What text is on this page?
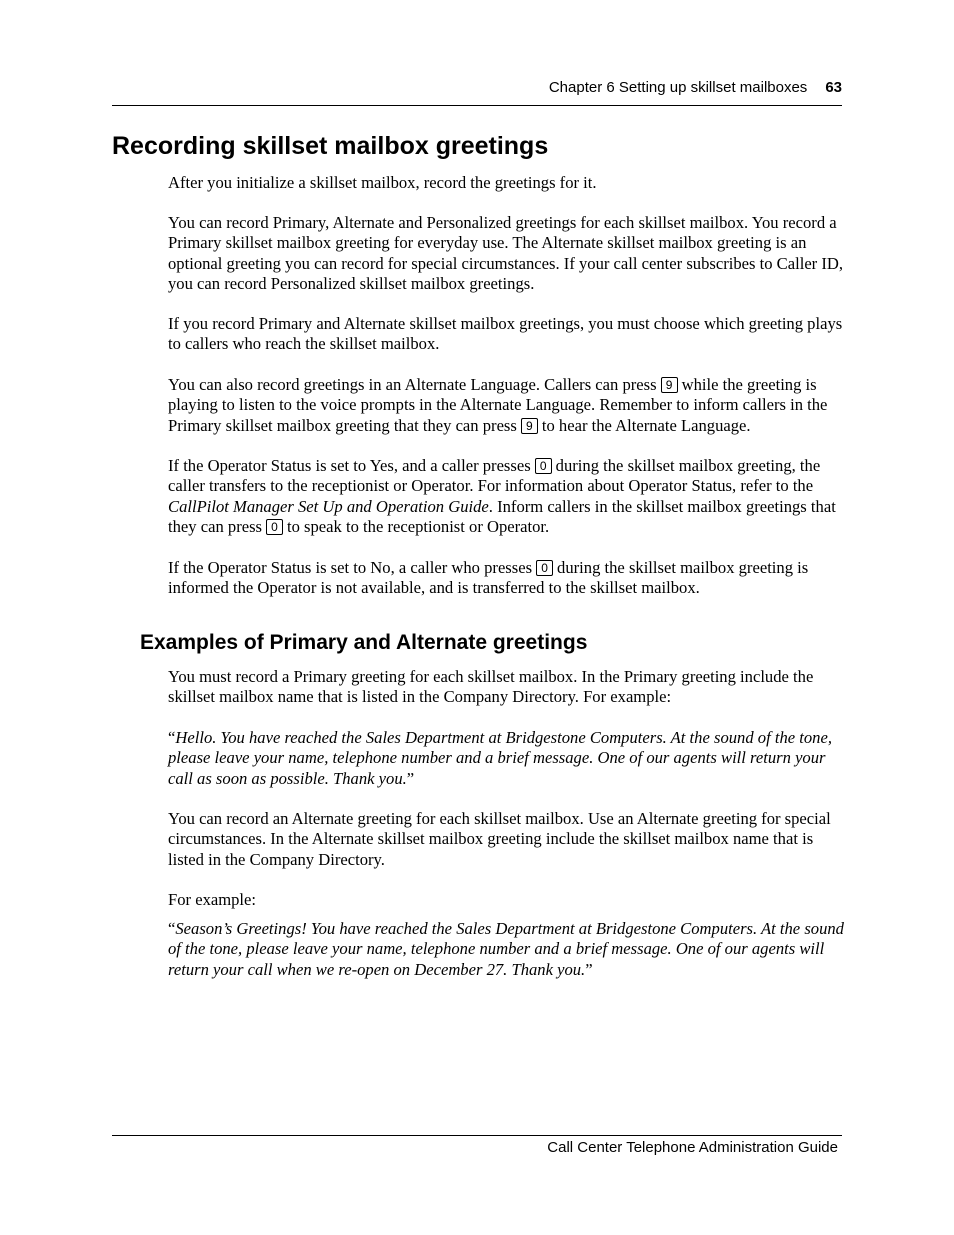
Chapter 6 Setting up skillset mailboxes 63
Recording skillset mailbox greetings

After you initialize a skillset mailbox, record the greetings for it.

You can record Primary, Alternate and Personalized greetings for each skillset mailbox. You record a Primary skillset mailbox greeting for everyday use. The Alternate skillset mailbox greeting is an optional greeting you can record for special circumstances. If your call center subscribes to Caller ID, you can record Personalized skillset mailbox greetings.

If you record Primary and Alternate skillset mailbox greetings, you must choose which greeting plays to callers who reach the skillset mailbox.

You can also record greetings in an Alternate Language. Callers can press 9 while the greeting is playing to listen to the voice prompts in the Alternate Language. Remember to inform callers in the Primary skillset mailbox greeting that they can press 9 to hear the Alternate Language.

If the Operator Status is set to Yes, and a caller presses 0 during the skillset mailbox greeting, the caller transfers to the receptionist or Operator. For information about Operator Status, refer to the CallPilot Manager Set Up and Operation Guide. Inform callers in the skillset mailbox greetings that they can press 0 to speak to the receptionist or Operator.

If the Operator Status is set to No, a caller who presses 0 during the skillset mailbox greeting is informed the Operator is not available, and is transferred to the skillset mailbox.

Examples of Primary and Alternate greetings

You must record a Primary greeting for each skillset mailbox. In the Primary greeting include the skillset mailbox name that is listed in the Company Directory. For example:

“Hello. You have reached the Sales Department at Bridgestone Computers. At the sound of the tone, please leave your name, telephone number and a brief message. One of our agents will return your call as soon as possible. Thank you.”

You can record an Alternate greeting for each skillset mailbox. Use an Alternate greeting for special circumstances. In the Alternate skillset mailbox greeting include the skillset mailbox name that is listed in the Company Directory.

For example:

“Season’s Greetings! You have reached the Sales Department at Bridgestone Computers. At the sound of the tone, please leave your name, telephone number and a brief message. One of our agents will return your call when we re-open on December 27. Thank you.”

Call Center Telephone Administration Guide
